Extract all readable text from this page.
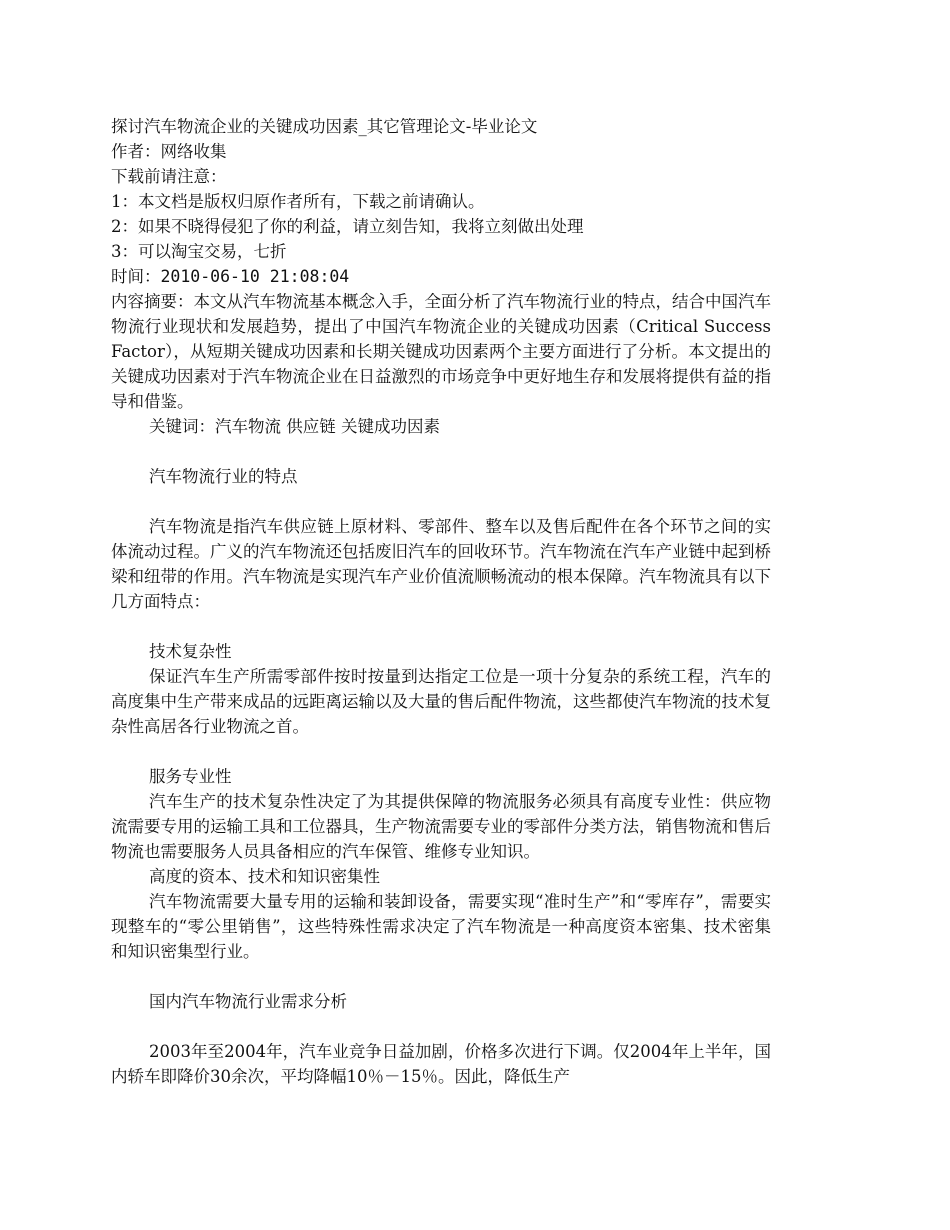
探讨汽车物流企业的关键成功因素_其它管理论文-毕业论文
作者：网络收集
下载前请注意：
1：本文档是版权归原作者所有，下载之前请确认。
2：如果不晓得侵犯了你的利益，请立刻告知，我将立刻做出处理
3：可以淘宝交易，七折
时间：2010-06-10 21:08:04
内容摘要：本文从汽车物流基本概念入手，全面分析了汽车物流行业的特点，结合中国汽车物流行业现状和发展趋势，提出了中国汽车物流企业的关键成功因素（Critical Success Factor），从短期关键成功因素和长期关键成功因素两个主要方面进行了分析。本文提出的关键成功因素对于汽车物流企业在日益激烈的市场竞争中更好地生存和发展将提供有益的指导和借鉴。
关键词：汽车物流 供应链 关键成功因素
汽车物流行业的特点
汽车物流是指汽车供应链上原材料、零部件、整车以及售后配件在各个环节之间的实体流动过程。广义的汽车物流还包括废旧汽车的回收环节。汽车物流在汽车产业链中起到桥梁和纽带的作用。汽车物流是实现汽车产业价值流顺畅流动的根本保障。汽车物流具有以下几方面特点：
技术复杂性
保证汽车生产所需零部件按时按量到达指定工位是一项十分复杂的系统工程，汽车的高度集中生产带来成品的远距离运输以及大量的售后配件物流，这些都使汽车物流的技术复杂性高居各行业物流之首。
服务专业性
汽车生产的技术复杂性决定了为其提供保障的物流服务必须具有高度专业性：供应物流需要专用的运输工具和工位器具，生产物流需要专业的零部件分类方法，销售物流和售后物流也需要服务人员具备相应的汽车保管、维修专业知识。
高度的资本、技术和知识密集性
汽车物流需要大量专用的运输和装卸设备，需要实现“准时生产”和“零库存”，需要实现整车的“零公里销售”，这些特殊性需求决定了汽车物流是一种高度资本密集、技术密集和知识密集型行业。
国内汽车物流行业需求分析
2003年至2004年，汽车业竞争日益加剧，价格多次进行下调。仅2004年上半年，国内轿车即降价30余次，平均降幅10％－15％。因此，降低生产
